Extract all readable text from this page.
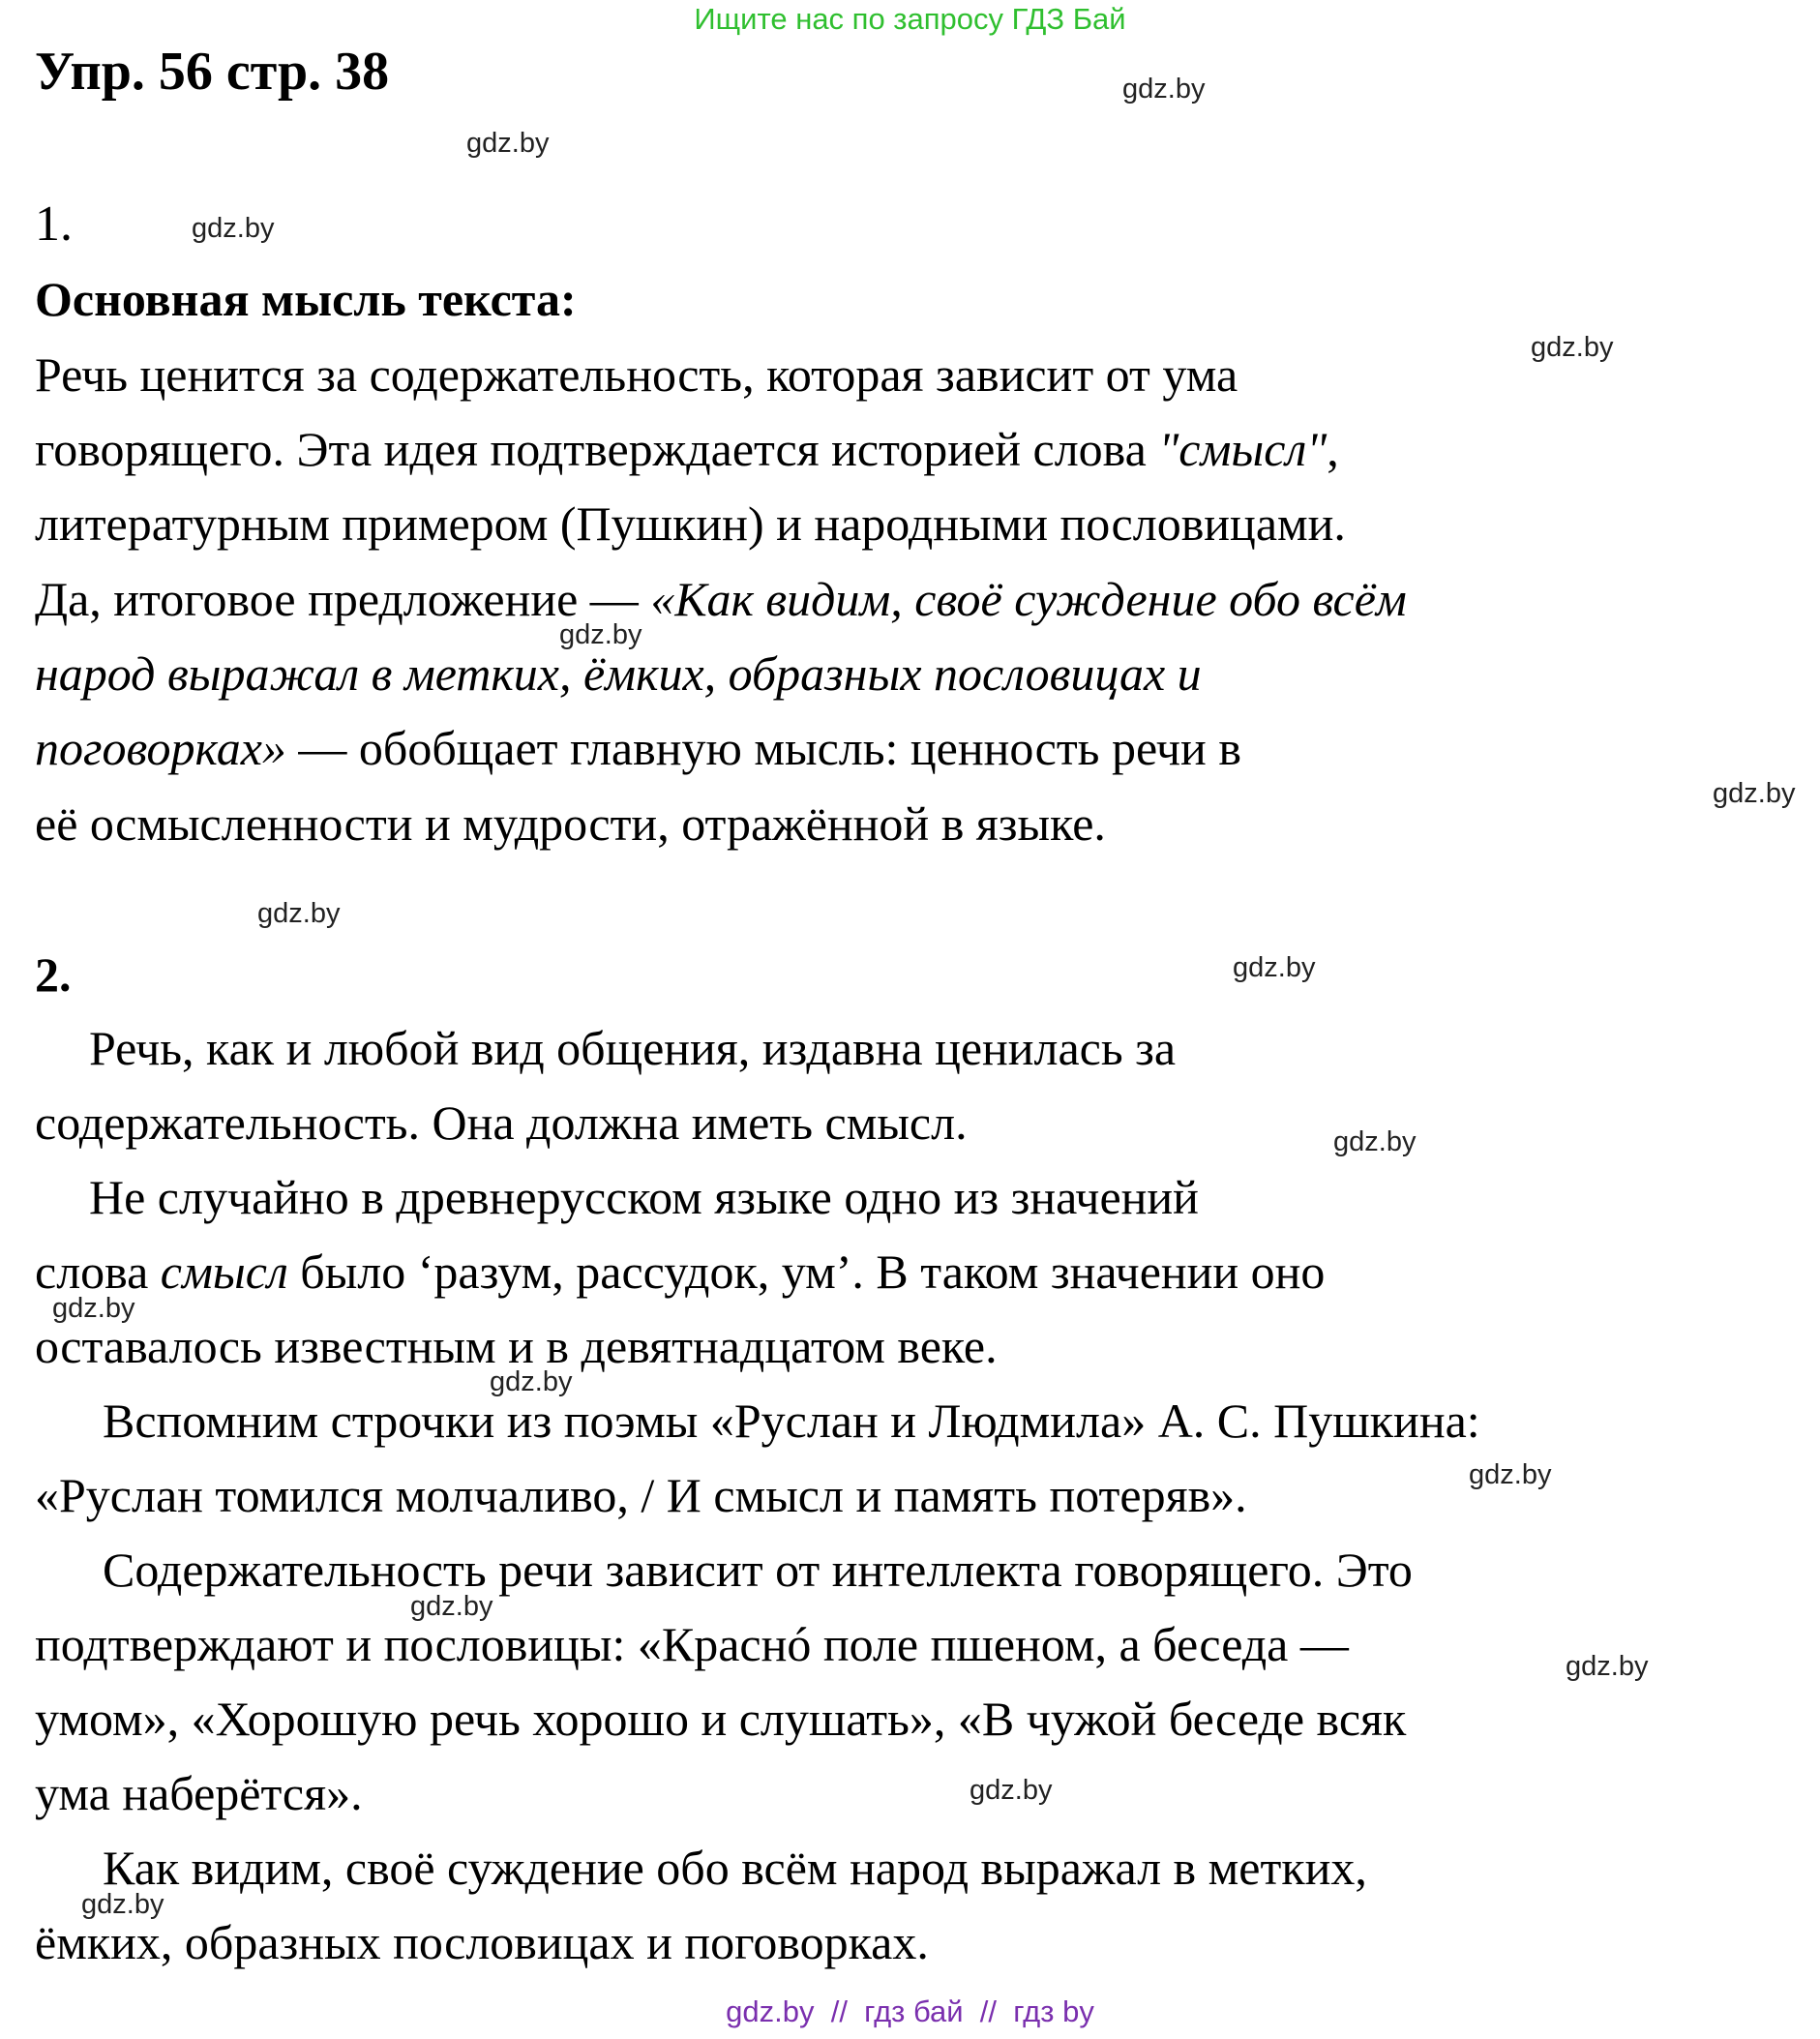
Ищите нас по запросу ГДЗ Бай
Упр. 56 стр. 38
1.
Основная мысль текста:
Речь ценится за содержательность, которая зависит от ума
говорящего. Эта идея подтверждается историей слова "смысл",
литературным примером (Пушкин) и народными пословицами.
Да, итоговое предложение — «Как видим, своё суждение обо всём
народ выражал в метких, ёмких, образных пословицах и
поговорках» — обобщает главную мысль: ценность речи в
её осмысленности и мудрости, отражённой в языке.
2.
Речь, как и любой вид общения, издавна ценилась за
содержательность. Она должна иметь смысл.
Не случайно в древнерусском языке одно из значений
слова смысл было ‘разум, рассудок, ум’. В таком значении оно
оставалось известным и в девятнадцатом веке.
Вспомним строчки из поэмы «Руслан и Людмила» А. С. Пушкина:
«Руслан томился молчаливо, / И смысл и память потеряв».
Содержательность речи зависит от интеллекта говорящего. Это
подтверждают и пословицы: «Краснó поле пшеном, а беседа —
умом», «Хорошую речь хорошо и слушать», «В чужой беседе всяк
ума наберётся».
Как видим, своё суждение обо всём народ выражал в метких,
ёмких, образных пословицах и поговорках.
gdz.by
gdz.by
gdz.by
gdz.by
gdz.by
gdz.by
gdz.by
gdz.by
gdz.by
gdz.by
gdz.by
gdz.by
gdz.by
gdz.by
gdz.by
gdz.by
gdz.by  //  гдз бай  //  гдз by
